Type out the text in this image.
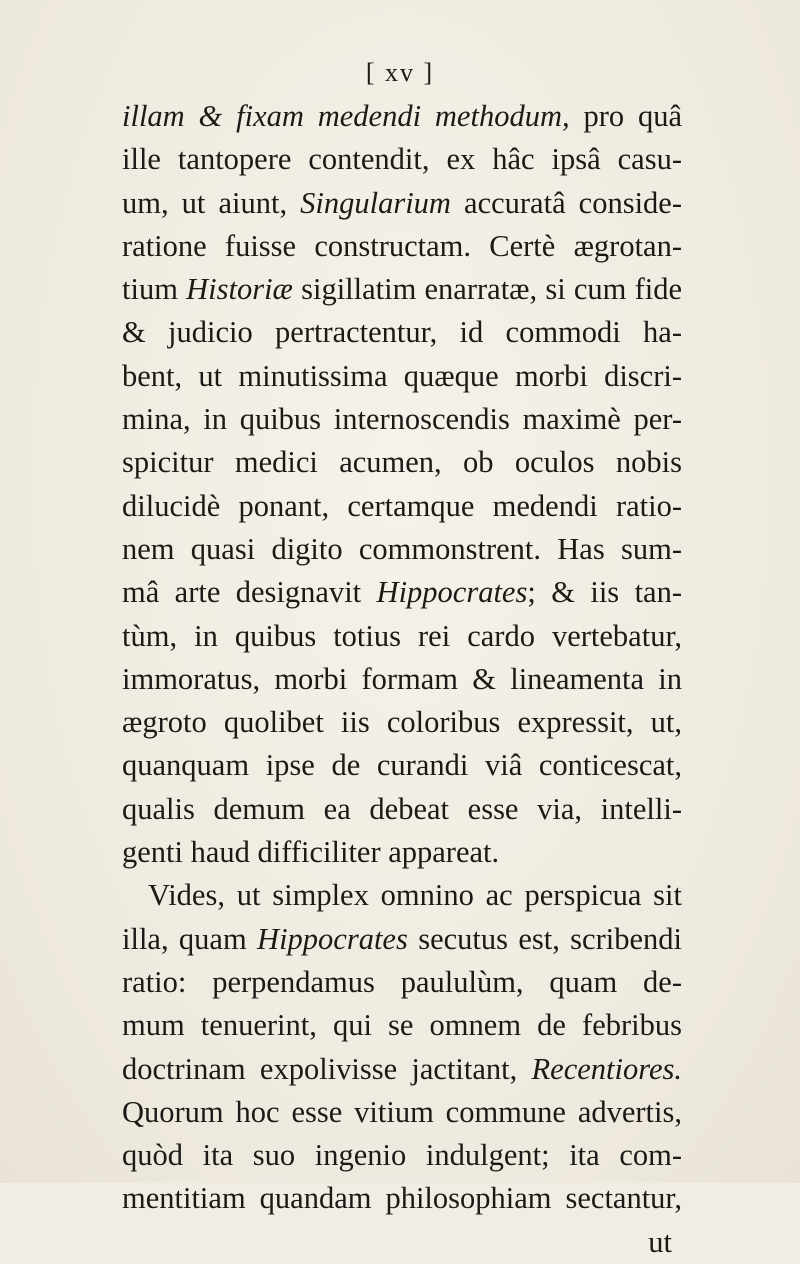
[ xv ]
illam & fixam medendi methodum, pro quâ
ille tantopere contendit, ex hâc ipsâ casu-
um, ut aiunt, Singularium accuratâ conside-
ratione fuisse constructam. Certè ægrotan-
tium Historiæ sigillatim enarratæ, si cum fide
& judicio pertractentur, id commodi ha-
bent, ut minutissima quæque morbi discri-
mina, in quibus internoscendis maximè per-
spicitur medici acumen, ob oculos nobis
dilucidè ponant, certamque medendi ratio-
nem quasi digito commonstrent. Has sum-
mâ arte designavit Hippocrates; & iis tan-
tùm, in quibus totius rei cardo vertebatur,
immoratus, morbi formam & lineamenta in
ægroto quolibet iis coloribus expressit, ut,
quanquam ipse de curandi viâ conticescat,
qualis demum ea debeat esse via, intelli-
genti haud difficiliter appareat.
Vides, ut simplex omnino ac perspicua sit
illa, quam Hippocrates secutus est, scribendi
ratio: perpendamus paululùm, quam de-
mum tenuerint, qui se omnem de febribus
doctrinam expolivisse jactitant, Recentiores.
Quorum hoc esse vitium commune advertis,
quòd ita suo ingenio indulgent; ita com-
mentitiam quandam philosophiam sectantur,
ut
